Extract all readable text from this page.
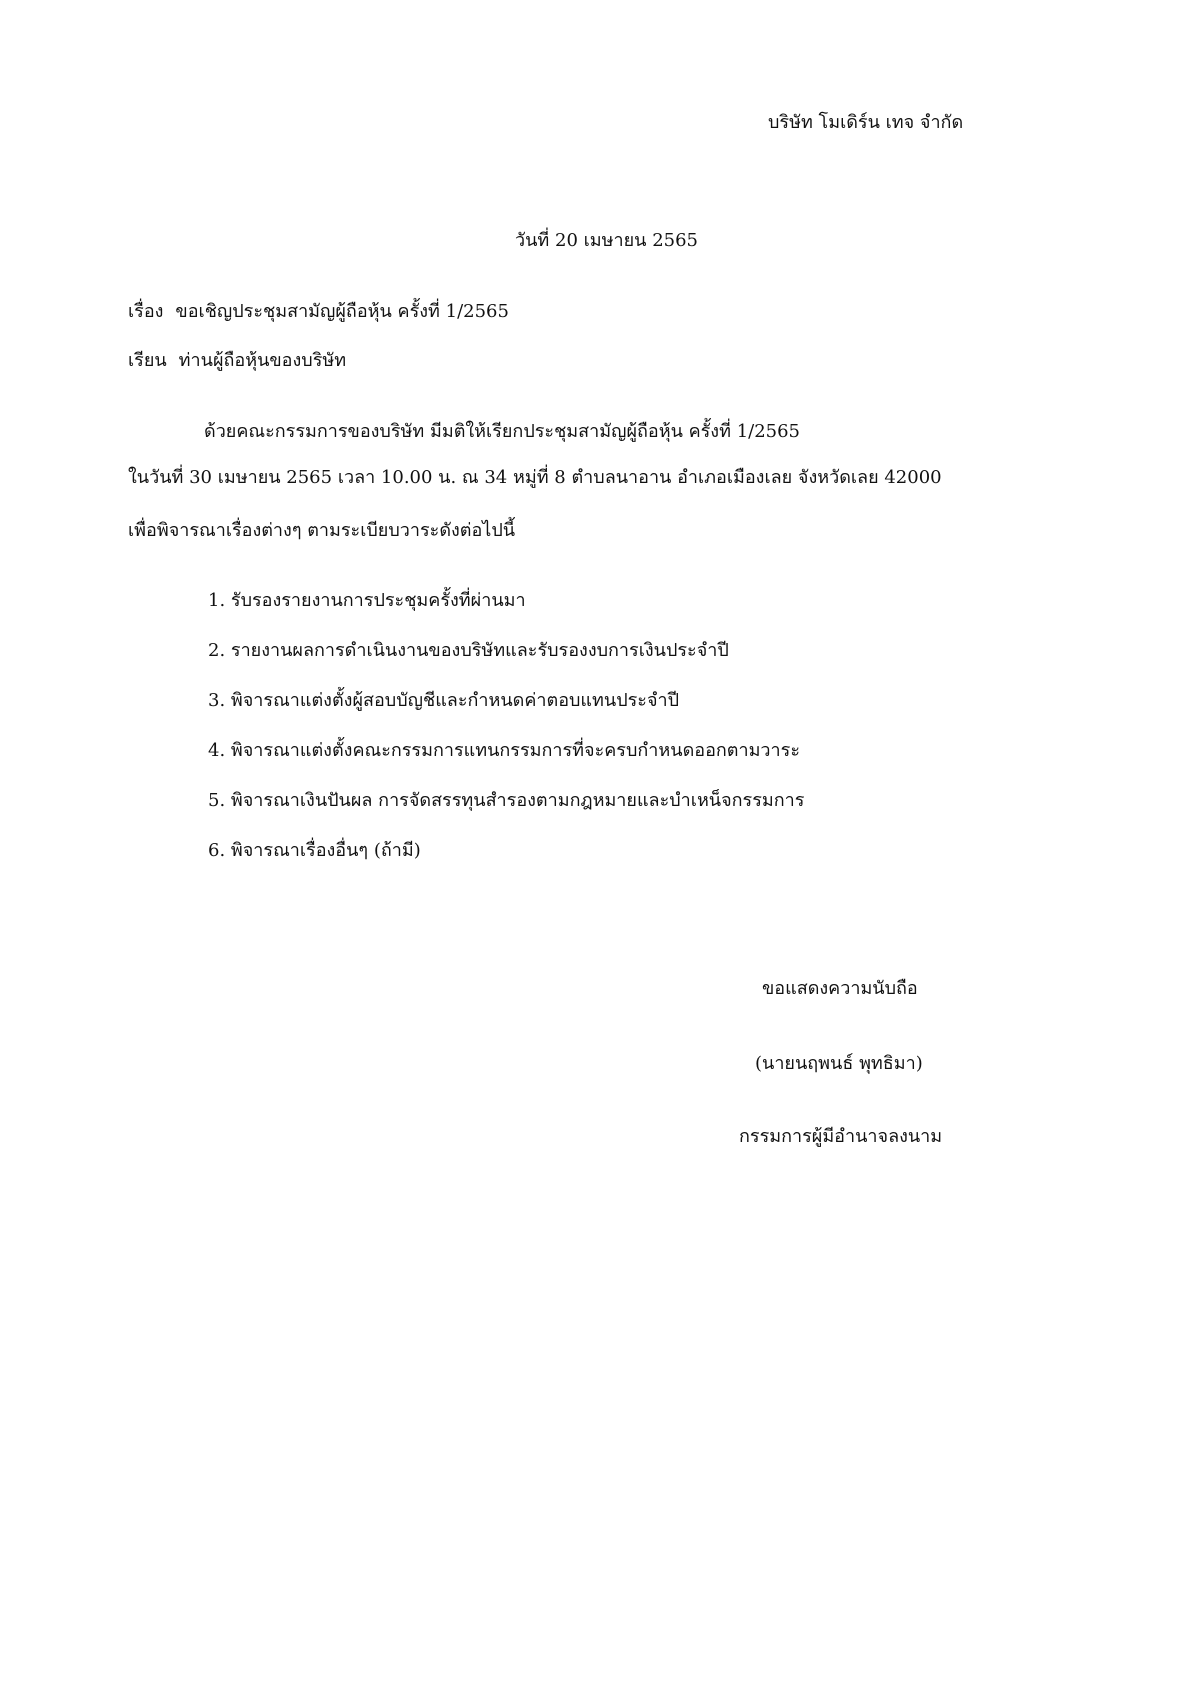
บริษัท โมเดิร์น เทจ จำกัด
วันที่ 20 เมษายน 2565
เรื่อง ขอเชิญประชุมสามัญผู้ถือหุ้น ครั้งที่ 1/2565
เรียน ท่านผู้ถือหุ้นของบริษัท
ด้วยคณะกรรมการของบริษัท มีมติให้เรียกประชุมสามัญผู้ถือหุ้น ครั้งที่ 1/2565
ในวันที่ 30 เมษายน 2565 เวลา 10.00 น. ณ 34 หมู่ที่ 8 ตำบลนาอาน อำเภอเมืองเลย จังหวัดเลย 42000
เพื่อพิจารณาเรื่องต่างๆ ตามระเบียบวาระดังต่อไปนี้
1. รับรองรายงานการประชุมครั้งที่ผ่านมา
2. รายงานผลการดำเนินงานของบริษัทและรับรองงบการเงินประจำปี
3. พิจารณาแต่งตั้งผู้สอบบัญชีและกำหนดค่าตอบแทนประจำปี
4. พิจารณาแต่งตั้งคณะกรรมการแทนกรรมการที่จะครบกำหนดออกตามวาระ
5. พิจารณาเงินปันผล การจัดสรรทุนสำรองตามกฎหมายและบำเหน็จกรรมการ
6. พิจารณาเรื่องอื่นๆ (ถ้ามี)
ขอแสดงความนับถือ
(นายนฤพนธ์ พุทธิมา)
กรรมการผู้มีอำนาจลงนาม
